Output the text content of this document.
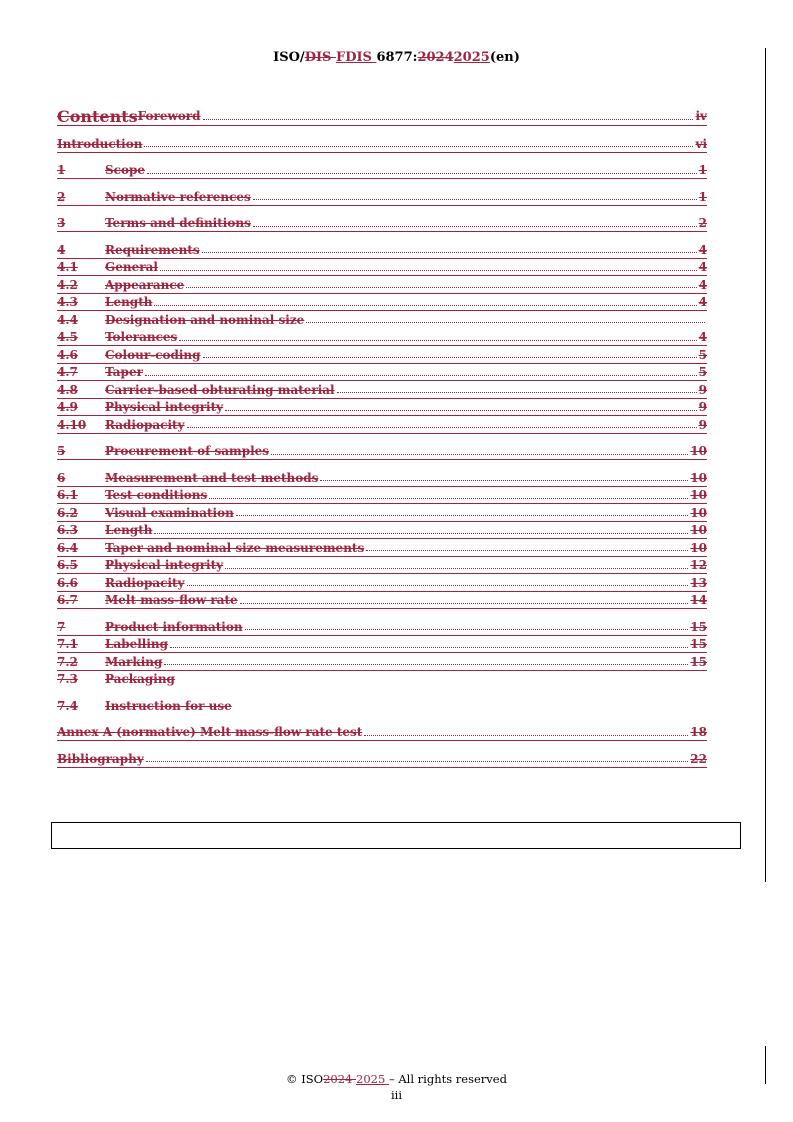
ISO/DIS FDIS 6877:20242025(en)
Contents Foreword	iv
Introduction	vi
1	Scope	1
2	Normative references	1
3	Terms and definitions	2
4	Requirements	4
4.1	General	4
4.2	Appearance	4
4.3	Length	4
4.4	Designation and nominal size
4.5	Tolerances	4
4.6	Colour-coding	5
4.7	Taper	5
4.8	Carrier-based obturating material	9
4.9	Physical integrity	9
4.10	Radiopacity	9
5	Procurement of samples	10
6	Measurement and test methods	10
6.1	Test conditions	10
6.2	Visual examination	10
6.3	Length	10
6.4	Taper and nominal size measurements	10
6.5	Physical integrity	12
6.6	Radiopacity	13
6.7	Melt mass-flow rate	14
7	Product information	15
7.1	Labelling	15
7.2	Marking	15
7.3	Packaging
7.4	Instruction for use
Annex A (normative) Melt mass-flow rate test	18
Bibliography	22
© ISO2024 2025 – All rights reserved
iii
